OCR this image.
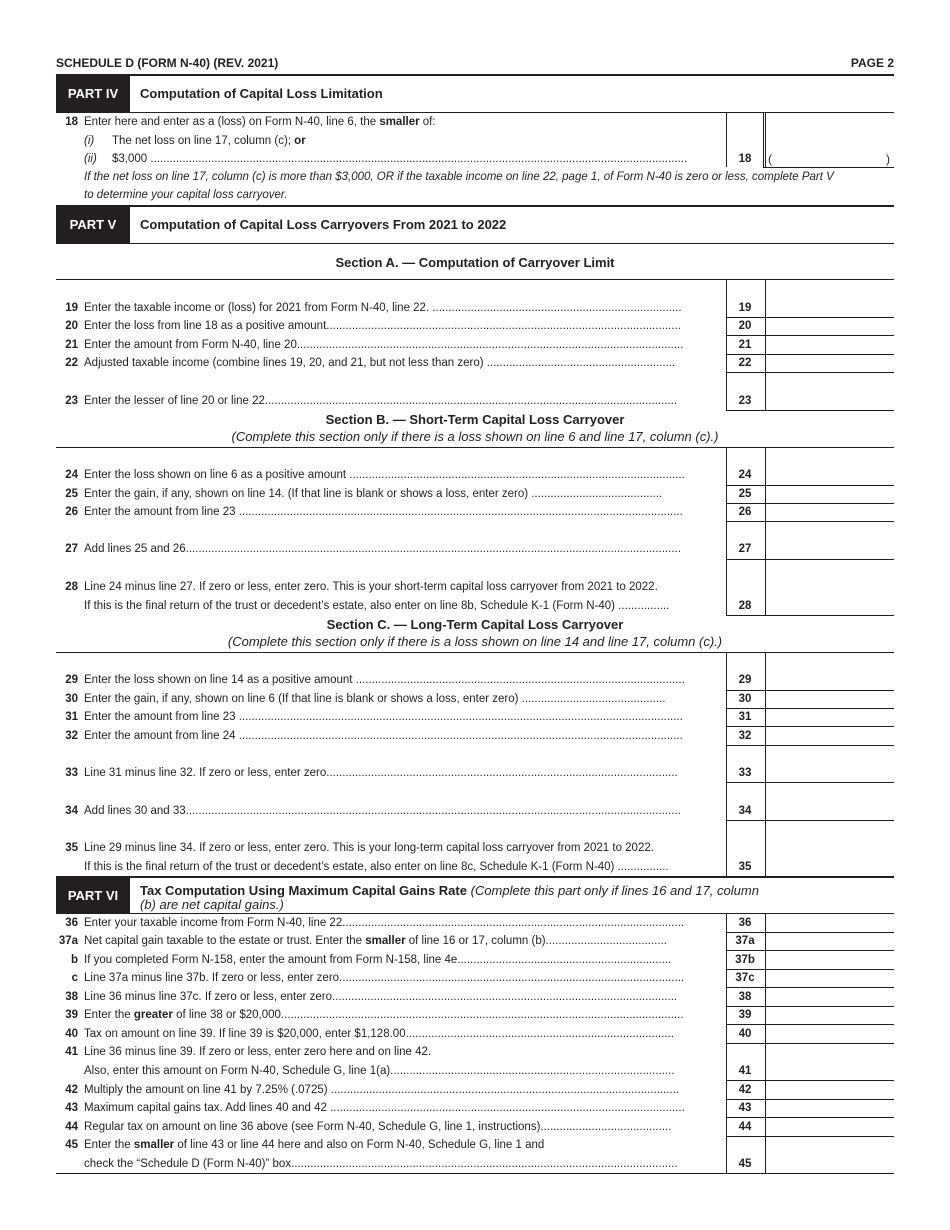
SCHEDULE D (FORM N-40) (REV. 2021)	PAGE 2
PART IV	Computation of Capital Loss Limitation
18 Enter here and enter as a (loss) on Form N-40, line 6, the smaller of:
(i) The net loss on line 17, column (c); or
(ii) $3,000 ........................................................................................................................................................................	18	(	)
If the net loss on line 17, column (c) is more than $3,000, OR if the taxable income on line 22, page 1, of Form N-40 is zero or less, complete Part V
to determine your capital loss carryover.
PART V	Computation of Capital Loss Carryovers From 2021 to 2022
Section A. — Computation of Carryover Limit
Section B. — Short-Term Capital Loss Carryover
(Complete this section only if there is a loss shown on line 6 and line 17, column (c).)
Section C. — Long-Term Capital Loss Carryover
(Complete this section only if there is a loss shown on line 14 and line 17, column (c).)
PART VI	Tax Computation Using Maximum Capital Gains Rate (Complete this part only if lines 16 and 17, column
(b) are net capital gains.)
19 Enter the taxable income or (loss) for 2021 from Form N-40, line 22. ..............................................................................	19
20 Enter the loss from line 18 as a positive amount...............................................................................................................	20
21 Enter the amount from Form N-40, line 20.........................................................................................................................	21
22 Adjusted taxable income (combine lines 19, 20, and 21, but not less than zero) ...........................................................	22
23 Enter the lesser of line 20 or line 22.................................................................................................................................	23
24 Enter the loss shown on line 6 as a positive amount .........................................................................................................	24
25 Enter the gain, if any, shown on line 14. (If that line is blank or shows a loss, enter zero) .........................................	25
26 Enter the amount from line 23 ...........................................................................................................................................	26
27 Add lines 25 and 26...........................................................................................................................................................	27
28 Line 24 minus line 27. If zero or less, enter zero. This is your short-term capital loss carryover from 2021 to 2022.
If this is the final return of the trust or decedent’s estate, also enter on line 8b, Schedule K-1 (Form N-40) ................	28
29 Enter the loss shown on line 14 as a positive amount .......................................................................................................	29
30 Enter the gain, if any, shown on line 6 (If that line is blank or shows a loss, enter zero) .............................................	30
31 Enter the amount from line 23 ...........................................................................................................................................	31
32 Enter the amount from line 24 ...........................................................................................................................................	32
33 Line 31 minus line 32. If zero or less, enter zero..............................................................................................................	33
34 Add lines 30 and 33...........................................................................................................................................................	34
35 Line 29 minus line 34. If zero or less, enter zero. This is your long-term capital loss carryover from 2021 to 2022.
If this is the final return of the trust or decedent’s estate, also enter on line 8c, Schedule K-1 (Form N-40) ................	35
36 Enter your taxable income from Form N-40, line 22...........................................................................................................	36
37a Net capital gain taxable to the estate or trust. Enter the smaller of line 16 or 17, column (b)......................................	37a
b If you completed Form N-158, enter the amount from Form N-158, line 4e...................................................................	37b
c Line 37a minus line 37b. If zero or less, enter zero............................................................................................................	37c
38 Line 36 minus line 37c. If zero or less, enter zero............................................................................................................	38
39 Enter the greater of line 38 or $20,000..............................................................................................................................	39
40 Tax on amount on line 39. If line 39 is $20,000, enter $1,128.00....................................................................................	40
41 Line 36 minus line 39. If zero or less, enter zero here and on line 42.
Also, enter this amount on Form N-40, Schedule G, line 1(a).........................................................................................	41
42 Multiply the amount on line 41 by 7.25% (.0725) .............................................................................................................	42
43 Maximum capital gains tax. Add lines 40 and 42 ...............................................................................................................	43
44 Regular tax on amount on line 36 above (see Form N-40, Schedule G, line 1, instructions).........................................	44
45 Enter the smaller of line 43 or line 44 here and also on Form N-40, Schedule G, line 1 and
check the “Schedule D (Form N-40)” box.........................................................................................................................	45
